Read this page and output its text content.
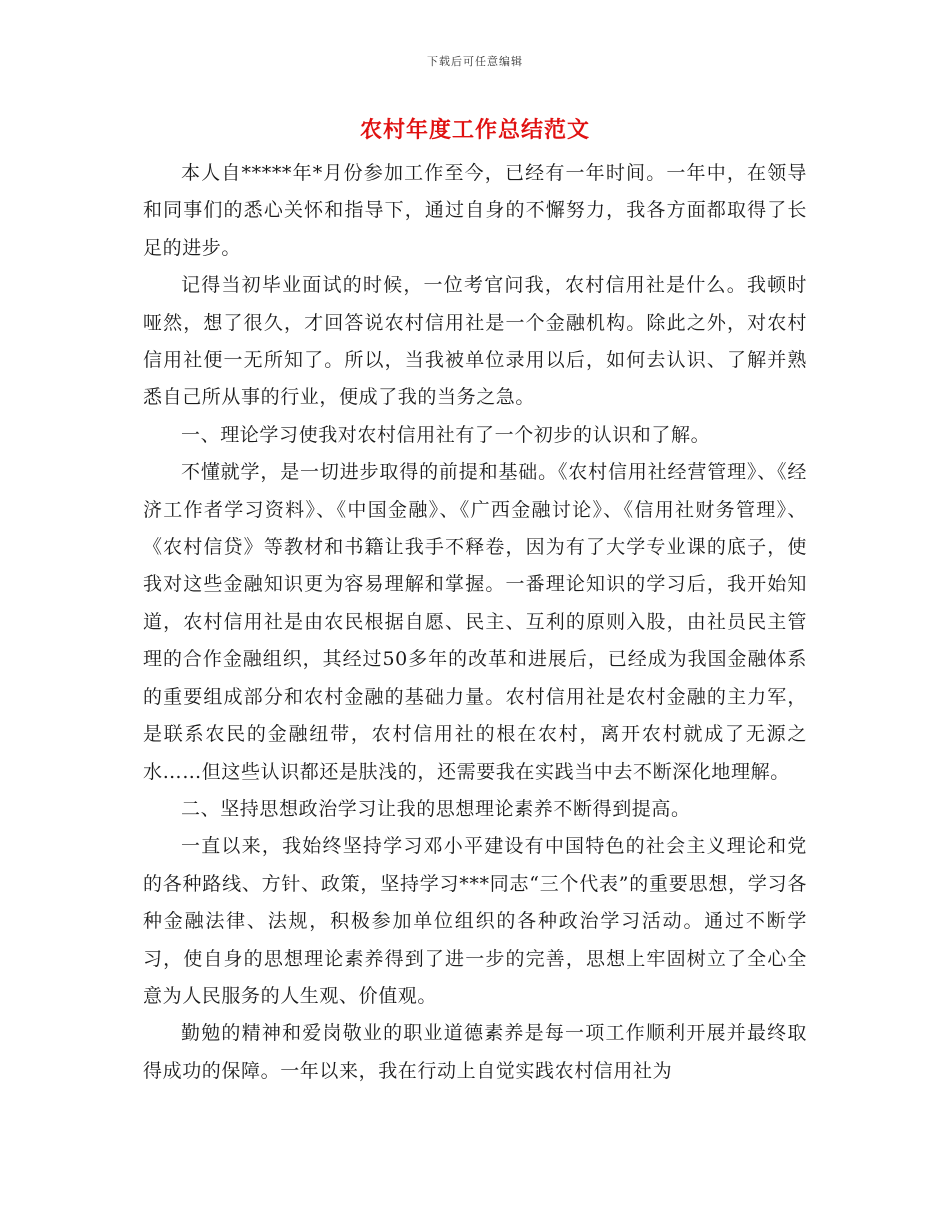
下载后可任意编辑
农村年度工作总结范文

本人自*****年*月份参加工作至今，已经有一年时间。一年中，在领导和同事们的悉心关怀和指导下，通过自身的不懈努力，我各方面都取得了长足的进步。

记得当初毕业面试的时候，一位考官问我，农村信用社是什么。我顿时哑然，想了很久，才回答说农村信用社是一个金融机构。除此之外，对农村信用社便一无所知了。所以，当我被单位录用以后，如何去认识、了解并熟悉自己所从事的行业，便成了我的当务之急。

一、理论学习使我对农村信用社有了一个初步的认识和了解。

不懂就学，是一切进步取得的前提和基础。《农村信用社经营管理》、《经济工作者学习资料》、《中国金融》、《广西金融讨论》、《信用社财务管理》、《农村信贷》等教材和书籍让我手不释卷，因为有了大学专业课的底子，使我对这些金融知识更为容易理解和掌握。一番理论知识的学习后，我开始知道，农村信用社是由农民根据自愿、民主、互利的原则入股，由社员民主管理的合作金融组织，其经过50多年的改革和进展后，已经成为我国金融体系的重要组成部分和农村金融的基础力量。农村信用社是农村金融的主力军，是联系农民的金融纽带，农村信用社的根在农村，离开农村就成了无源之水……但这些认识都还是肤浅的，还需要我在实践当中去不断深化地理解。

二、坚持思想政治学习让我的思想理论素养不断得到提高。

一直以来，我始终坚持学习邓小平建设有中国特色的社会主义理论和党的各种路线、方针、政策，坚持学习***同志“三个代表”的重要思想，学习各种金融法律、法规，积极参加单位组织的各种政治学习活动。通过不断学习，使自身的思想理论素养得到了进一步的完善，思想上牢固树立了全心全意为人民服务的人生观、价值观。

勤勉的精神和爱岗敬业的职业道德素养是每一项工作顺利开展并最终取得成功的保障。一年以来，我在行动上自觉实践农村信用社为
